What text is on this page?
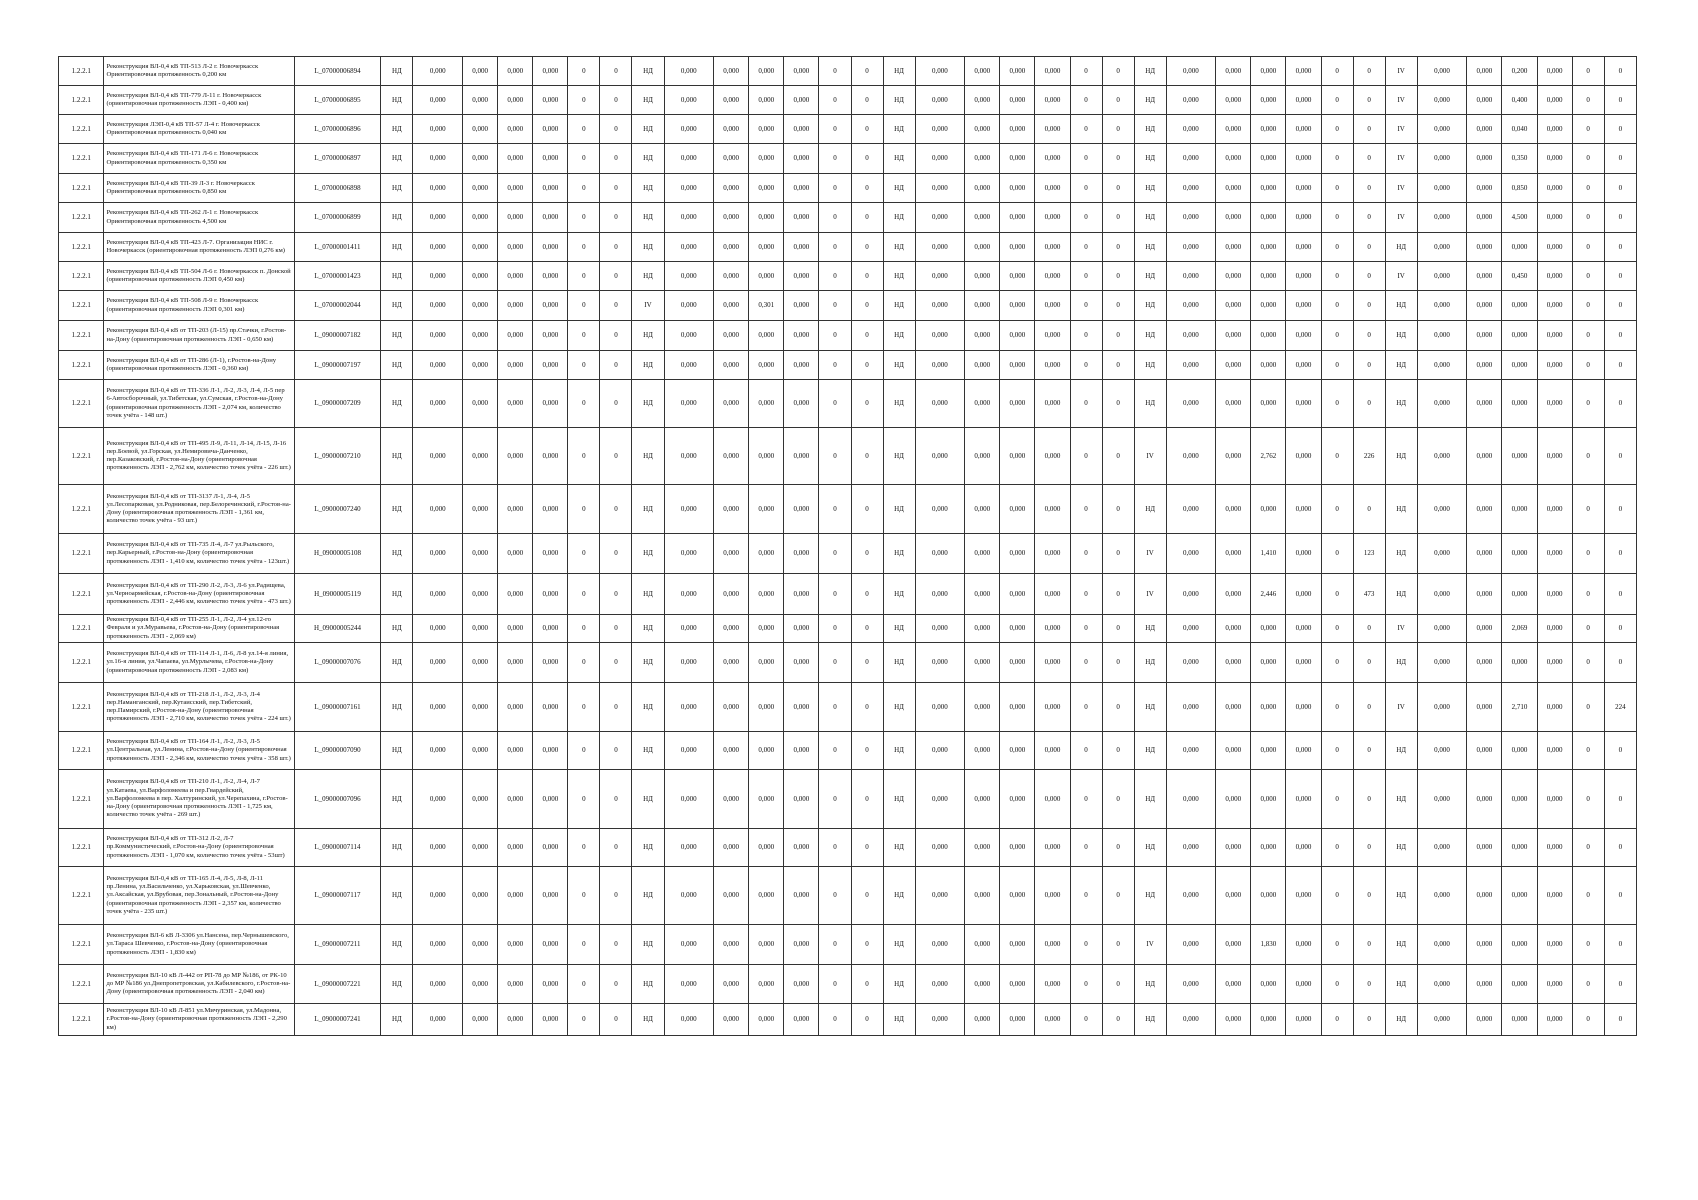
1.2.2.1	Реконструкция ВЛ-0,4 кВ ТП-513 Л-2 г. Новочеркасск Ориентировочная протяженность 0,200 км	L_07000006894	НД	0,000	0,000	0,000	0,000	0	0	НД	0,000	0,000	0,000	0,000	0	0	НД	0,000	0,000	0,000	0,000	0	0	НД	0,000	0,000	0,000	0,000	0	0	IV	0,000	0,000	0,200	0,000	0	0
1.2.2.1	Реконструкция ВЛ-0,4 кВ ТП-779 Л-11 г. Новочеркасск (ориентировочная протяженность ЛЭП - 0,400 км)	L_07000006895	НД	0,000	0,000	0,000	0,000	0	0	НД	0,000	0,000	0,000	0,000	0	0	НД	0,000	0,000	0,000	0,000	0	0	НД	0,000	0,000	0,000	0,000	0	0	IV	0,000	0,000	0,400	0,000	0	0
1.2.2.1	Реконструкция ЛЭП-0,4 кВ ТП-57 Л-4 г. Новочеркасск Ориентировочная протяженность 0,040 км	L_07000006896	НД	0,000	0,000	0,000	0,000	0	0	НД	0,000	0,000	0,000	0,000	0	0	НД	0,000	0,000	0,000	0,000	0	0	НД	0,000	0,000	0,000	0,000	0	0	IV	0,000	0,000	0,040	0,000	0	0
1.2.2.1	Реконструкция ВЛ-0,4 кВ ТП-171 Л-6 г. Новочеркасск Ориентировочная протяженность 0,350 км	L_07000006897	НД	0,000	0,000	0,000	0,000	0	0	НД	0,000	0,000	0,000	0,000	0	0	НД	0,000	0,000	0,000	0,000	0	0	НД	0,000	0,000	0,000	0,000	0	0	IV	0,000	0,000	0,350	0,000	0	0
1.2.2.1	Реконструкция ВЛ-0,4 кВ ТП-39 Л-3 г. Новочеркасск Ориентировочная протяженность 0,850 км	L_07000006898	НД	0,000	0,000	0,000	0,000	0	0	НД	0,000	0,000	0,000	0,000	0	0	НД	0,000	0,000	0,000	0,000	0	0	НД	0,000	0,000	0,000	0,000	0	0	IV	0,000	0,000	0,850	0,000	0	0
1.2.2.1	Реконструкция ВЛ-0,4 кВ ТП-262 Л-1 г. Новочеркасск Ориентировочная протяженность 4,500 км	L_07000006899	НД	0,000	0,000	0,000	0,000	0	0	НД	0,000	0,000	0,000	0,000	0	0	НД	0,000	0,000	0,000	0,000	0	0	НД	0,000	0,000	0,000	0,000	0	0	IV	0,000	0,000	4,500	0,000	0	0
1.2.2.1	Реконструкция ВЛ-0,4 кВ ТП-423 Л-7. Организация НИС г. Новочеркасск (ориентировочная протяженность ЛЭП 0,276 км)	L_07000001411	НД	0,000	0,000	0,000	0,000	0	0	НД	0,000	0,000	0,000	0,000	0	0	НД	0,000	0,000	0,000	0,000	0	0	НД	0,000	0,000	0,000	0,000	0	0	НД	0,000	0,000	0,000	0,000	0	0
1.2.2.1	Реконструкция ВЛ-0,4 кВ ТП-504 Л-6 г. Новочеркасск п. Донской (ориентировочная протяженность ЛЭП 0,450 км)	L_07000001423	НД	0,000	0,000	0,000	0,000	0	0	НД	0,000	0,000	0,000	0,000	0	0	НД	0,000	0,000	0,000	0,000	0	0	НД	0,000	0,000	0,000	0,000	0	0	IV	0,000	0,000	0,450	0,000	0	0
1.2.2.1	Реконструкция ВЛ-0,4 кВ ТП-508 Л-9 г. Новочеркасск (ориентировочная протяженность ЛЭП 0,301 км)	L_07000002044	НД	0,000	0,000	0,000	0,000	0	0	IV	0,000	0,000	0,301	0,000	0	0	НД	0,000	0,000	0,000	0,000	0	0	НД	0,000	0,000	0,000	0,000	0	0	НД	0,000	0,000	0,000	0,000	0	0
1.2.2.1	Реконструкция ВЛ-0,4 кВ от ТП-203 (Л-15) пр.Стачки, г.Ростов-на-Дону (ориентировочная протяженность ЛЭП - 0,650 км)	L_09000007182	НД	0,000	0,000	0,000	0,000	0	0	НД	0,000	0,000	0,000	0,000	0	0	НД	0,000	0,000	0,000	0,000	0	0	НД	0,000	0,000	0,000	0,000	0	0	НД	0,000	0,000	0,000	0,000	0	0
1.2.2.1	Реконструкция ВЛ-0,4 кВ от ТП-286 (Л-1), г.Ростов-на-Дону (ориентировочная протяженность ЛЭП - 0,360 км)	L_09000007197	НД	0,000	0,000	0,000	0,000	0	0	НД	0,000	0,000	0,000	0,000	0	0	НД	0,000	0,000	0,000	0,000	0	0	НД	0,000	0,000	0,000	0,000	0	0	НД	0,000	0,000	0,000	0,000	0	0
1.2.2.1	Реконструкция ВЛ-0,4 кВ от ТП-336 Л-1, Л-2, Л-3, Л-4, Л-5 пер 6-Автосборочный, ул.Тибетская, ул.Сумская, г.Ростов-на-Дону (ориентировочная протяженность ЛЭП - 2,074 км, количество точек учёта - 148 шт.)	L_09000007209	НД	0,000	0,000	0,000	0,000	0	0	НД	0,000	0,000	0,000	0,000	0	0	НД	0,000	0,000	0,000	0,000	0	0	НД	0,000	0,000	0,000	0,000	0	0	НД	0,000	0,000	0,000	0,000	0	0
1.2.2.1	Реконструкция ВЛ-0,4 кВ от ТП-495 Л-9, Л-11, Л-14, Л-15, Л-16 пер.Боевой, ул.Горская, ул.Немировича-Данченко, пер.Казаковский, г.Ростов-на-Дону (ориентировочная протяженность ЛЭП - 2,762 км, количество точек учёта - 226 шт.)	L_09000007210	НД	0,000	0,000	0,000	0,000	0	0	НД	0,000	0,000	0,000	0,000	0	0	НД	0,000	0,000	0,000	0,000	0	0	IV	0,000	0,000	2,762	0,000	0	226	НД	0,000	0,000	0,000	0,000	0	0
1.2.2.1	Реконструкция ВЛ-0,4 кВ от ТП-3137 Л-1, Л-4, Л-5 ул.Лесопарковая, ул.Родниковая, пер.Белоречинский, г.Ростов-на-Дону (ориентировочная протяженность ЛЭП - 1,361 км, количество точек учёта - 93 шт.)	L_09000007240	НД	0,000	0,000	0,000	0,000	0	0	НД	0,000	0,000	0,000	0,000	0	0	НД	0,000	0,000	0,000	0,000	0	0	НД	0,000	0,000	0,000	0,000	0	0	НД	0,000	0,000	0,000	0,000	0	0
1.2.2.1	Реконструкция ВЛ-0,4 кВ от ТП-735 Л-4, Л-7 ул.Рыльского, пер.Карьерный, г.Ростов-на-Дону (ориентировочная протяженность ЛЭП - 1,410 км, количество точек учёта - 123шт.)	H_09000005108	НД	0,000	0,000	0,000	0,000	0	0	НД	0,000	0,000	0,000	0,000	0	0	НД	0,000	0,000	0,000	0,000	0	0	IV	0,000	0,000	1,410	0,000	0	123	НД	0,000	0,000	0,000	0,000	0	0
1.2.2.1	Реконструкция ВЛ-0,4 кВ от ТП-290 Л-2, Л-3, Л-6 ул.Радищева, ул.Черноармейская, г.Ростов-на-Дону (ориентировочная протяженность ЛЭП - 2,446 км, количество точек учёта - 473 шт.)	H_09000005119	НД	0,000	0,000	0,000	0,000	0	0	НД	0,000	0,000	0,000	0,000	0	0	НД	0,000	0,000	0,000	0,000	0	0	IV	0,000	0,000	2,446	0,000	0	473	НД	0,000	0,000	0,000	0,000	0	0
1.2.2.1	Реконструкция ВЛ-0,4 кВ от ТП-255 Л-1, Л-2, Л-4 ул.12-го Февраля и ул.Муравьева, г.Ростов-на-Дону (ориентировочная протяженность ЛЭП - 2,069 км)	H_09000005244	НД	0,000	0,000	0,000	0,000	0	0	НД	0,000	0,000	0,000	0,000	0	0	НД	0,000	0,000	0,000	0,000	0	0	НД	0,000	0,000	0,000	0,000	0	0	IV	0,000	0,000	2,069	0,000	0	0
1.2.2.1	Реконструкция ВЛ-0,4 кВ от ТП-114 Л-1, Л-6, Л-8 ул.14-я линия, ул.16-я линия, ул.Чапаева, ул.Мурлычева, г.Ростов-на-Дону (ориентировочная протяженность ЛЭП - 2,083 км)	L_09000007076	НД	0,000	0,000	0,000	0,000	0	0	НД	0,000	0,000	0,000	0,000	0	0	НД	0,000	0,000	0,000	0,000	0	0	НД	0,000	0,000	0,000	0,000	0	0	НД	0,000	0,000	0,000	0,000	0	0
1.2.2.1	Реконструкция ВЛ-0,4 кВ от ТП-218 Л-1, Л-2, Л-3, Л-4 пер.Наманганский, пер.Кутаисский, пер.Тибетский, пер.Памирский, г.Ростов-на-Дону (ориентировочная протяженность ЛЭП - 2,710 км, количество точек учёта - 224 шт.)	L_09000007161	НД	0,000	0,000	0,000	0,000	0	0	НД	0,000	0,000	0,000	0,000	0	0	НД	0,000	0,000	0,000	0,000	0	0	НД	0,000	0,000	0,000	0,000	0	0	IV	0,000	0,000	2,710	0,000	0	224
1.2.2.1	Реконструкция ВЛ-0,4 кВ от ТП-164 Л-1, Л-2, Л-3, Л-5 ул.Центральная, ул.Ленина, г.Ростов-на-Дону (ориентировочная протяженность ЛЭП - 2,346 км, количество точек учёта - 358 шт.)	L_09000007090	НД	0,000	0,000	0,000	0,000	0	0	НД	0,000	0,000	0,000	0,000	0	0	НД	0,000	0,000	0,000	0,000	0	0	НД	0,000	0,000	0,000	0,000	0	0	НД	0,000	0,000	0,000	0,000	0	0
1.2.2.1	Реконструкция ВЛ-0,4 кВ от ТП-210 Л-1, Л-2, Л-4, Л-7 ул.Катаева, ул.Варфоломеева и пер.Гвардейский, ул.Варфоломеева в пер. Халтуринский, ул.Черепахина, г.Ростов-на-Дону (ориентировочная протяженность ЛЭП - 1,725 км, количество точек учёта - 269 шт.)	L_09000007096	НД	0,000	0,000	0,000	0,000	0	0	НД	0,000	0,000	0,000	0,000	0	0	НД	0,000	0,000	0,000	0,000	0	0	НД	0,000	0,000	0,000	0,000	0	0	НД	0,000	0,000	0,000	0,000	0	0
1.2.2.1	Реконструкция ВЛ-0,4 кВ от ТП-312 Л-2, Л-7 пр.Коммунистический, г.Ростов-на-Дону (ориентировочная протяженность ЛЭП - 1,070 км, количество точек учёта - 53шт)	L_09000007114	НД	0,000	0,000	0,000	0,000	0	0	НД	0,000	0,000	0,000	0,000	0	0	НД	0,000	0,000	0,000	0,000	0	0	НД	0,000	0,000	0,000	0,000	0	0	НД	0,000	0,000	0,000	0,000	0	0
1.2.2.1	Реконструкция ВЛ-0,4 кВ от ТП-165 Л-4, Л-5, Л-8, Л-11 пр.Ленина, ул.Васильченко, ул.Харьковская, ул.Шевченко, ул.Аксайская, ул.Врубовая, пер.Зональный, г.Ростов-на-Дону (ориентировочная протяженность ЛЭП - 2,357 км, количество точек учёта - 235 шт.)	L_09000007117	НД	0,000	0,000	0,000	0,000	0	0	НД	0,000	0,000	0,000	0,000	0	0	НД	0,000	0,000	0,000	0,000	0	0	НД	0,000	0,000	0,000	0,000	0	0	НД	0,000	0,000	0,000	0,000	0	0
1.2.2.1	Реконструкция ВЛ-6 кВ Л-3306 ул.Нансена, пер.Чернышевского, ул.Тараса Шевченко, г.Ростов-на-Дону (ориентировочная протяженность ЛЭП - 1,830 км)	L_09000007211	НД	0,000	0,000	0,000	0,000	0	0	НД	0,000	0,000	0,000	0,000	0	0	НД	0,000	0,000	0,000	0,000	0	0	IV	0,000	0,000	1,830	0,000	0	0	НД	0,000	0,000	0,000	0,000	0	0
1.2.2.1	Реконструкция ВЛ-10 кВ Л-442 от РП-78 до МР №186, от РК-10 до МР №186 ул.Днепропетровская, ул.Кабилевского, г.Ростов-на-Дону (ориентировочная протяженность ЛЭП - 2,040 км)	L_09000007221	НД	0,000	0,000	0,000	0,000	0	0	НД	0,000	0,000	0,000	0,000	0	0	НД	0,000	0,000	0,000	0,000	0	0	НД	0,000	0,000	0,000	0,000	0	0	НД	0,000	0,000	0,000	0,000	0	0
1.2.2.1	Реконструкция ВЛ-10 кВ Л-851 ул.Мичуринская, ул.Мадонна, г.Ростов-на-Дону (ориентировочная протяженность ЛЭП - 2,290 км)	L_09000007241	НД	0,000	0,000	0,000	0,000	0	0	НД	0,000	0,000	0,000	0,000	0	0	НД	0,000	0,000	0,000	0,000	0	0	НД	0,000	0,000	0,000	0,000	0	0	НД	0,000	0,000	0,000	0,000	0	0
